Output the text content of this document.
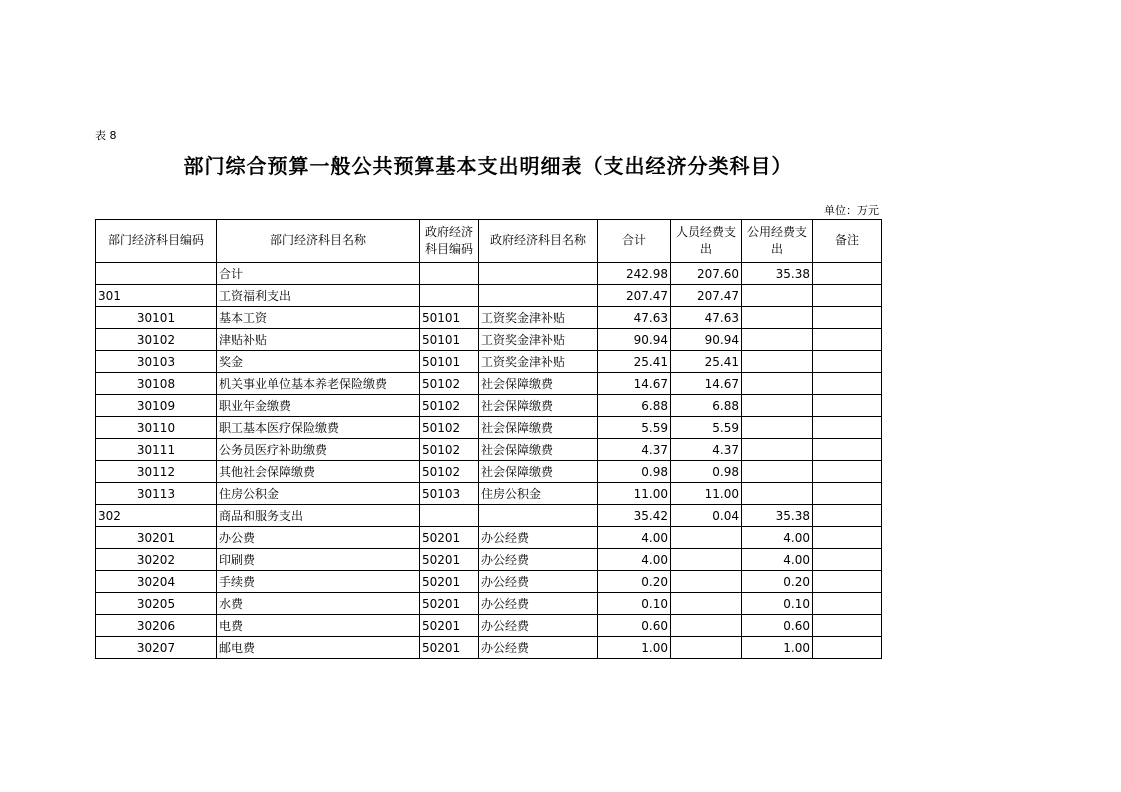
表 8
部门综合预算一般公共预算基本支出明细表（支出经济分类科目）
单位：万元
部门经济科目编码	部门经济科目名称	政府经济科目编码	政府经济科目名称	合计	人员经费支出	公用经费支出	备注
	合计			242.98	207.60	35.38	
301	工资福利支出			207.47	207.47		
30101	基本工资	50101	工资奖金津补贴	47.63	47.63		
30102	津贴补贴	50101	工资奖金津补贴	90.94	90.94		
30103	奖金	50101	工资奖金津补贴	25.41	25.41		
30108	机关事业单位基本养老保险缴费	50102	社会保障缴费	14.67	14.67		
30109	职业年金缴费	50102	社会保障缴费	6.88	6.88		
30110	职工基本医疗保险缴费	50102	社会保障缴费	5.59	5.59		
30111	公务员医疗补助缴费	50102	社会保障缴费	4.37	4.37		
30112	其他社会保障缴费	50102	社会保障缴费	0.98	0.98		
30113	住房公积金	50103	住房公积金	11.00	11.00		
302	商品和服务支出			35.42	0.04	35.38	
30201	办公费	50201	办公经费	4.00		4.00	
30202	印刷费	50201	办公经费	4.00		4.00	
30204	手续费	50201	办公经费	0.20		0.20	
30205	水费	50201	办公经费	0.10		0.10	
30206	电费	50201	办公经费	0.60		0.60	
30207	邮电费	50201	办公经费	1.00		1.00	
